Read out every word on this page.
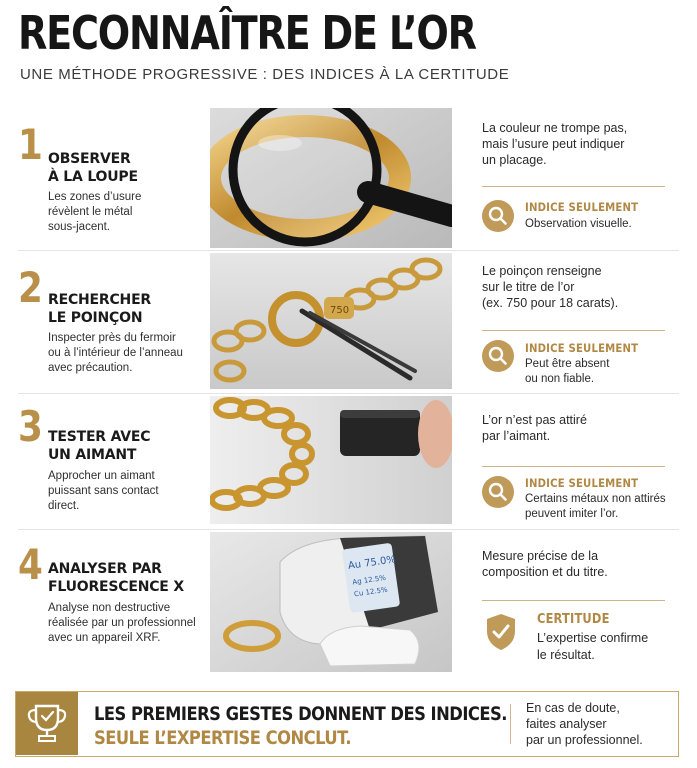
RECONNAÎTRE DE L’OR
UNE MÉTHODE PROGRESSIVE : DES INDICES À LA CERTITUDE
1 OBSERVER
À LA LOUPE
Les zones d’usure
révèlent le métal
sous-jacent.
La couleur ne trompe pas,
mais l’usure peut indiquer
un placage.
INDICE SEULEMENT
Observation visuelle.
2 RECHERCHER
LE POINÇON
Inspecter près du fermoir
ou à l’intérieur de l’anneau
avec précaution.
750
Le poinçon renseigne
sur le titre de l’or
(ex. 750 pour 18 carats).
INDICE SEULEMENT
Peut être absent
ou non fiable.
3 TESTER AVEC
UN AIMANT
Approcher un aimant
puissant sans contact
direct.
L’or n’est pas attiré
par l’aimant.
INDICE SEULEMENT
Certains métaux non attirés
peuvent imiter l’or.
4 ANALYSER PAR
FLUORESCENCE X
Analyse non destructive
réalisée par un professionnel
avec un appareil XRF.
Au 75.0%
Ag 12.5%
Cu 12.5%
Mesure précise de la
composition et du titre.
CERTITUDE
L’expertise confirme
le résultat.
LES PREMIERS GESTES DONNENT DES INDICES.
SEULE L’EXPERTISE CONCLUT.
En cas de doute,
faites analyser
par un professionnel.
